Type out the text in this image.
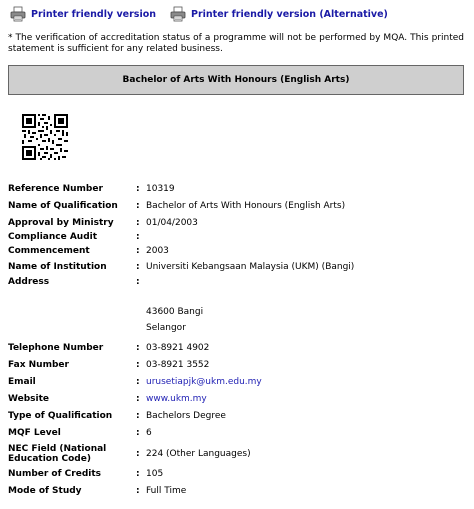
Printer friendly version	Printer friendly version (Alternative)
* The verification of accreditation status of a programme will not be performed by MQA. This printed statement is sufficient for any related business.
Bachelor of Arts With Honours (English Arts)
Reference Number	: 10319
Name of Qualification	: Bachelor of Arts With Honours (English Arts)
Approval by Ministry	: 01/04/2003
Compliance Audit	:
Commencement	: 2003
Name of Institution	: Universiti Kebangsaan Malaysia (UKM) (Bangi)
Address	:
43600 Bangi
Selangor
Telephone Number	: 03-8921 4902
Fax Number	: 03-8921 3552
Email	: urusetiapjk@ukm.edu.my
Website	: www.ukm.my
Type of Qualification	: Bachelors Degree
MQF Level	: 6
NEC Field (National
Education Code)	: 224 (Other Languages)
Number of Credits	: 105
Mode of Study	: Full Time
